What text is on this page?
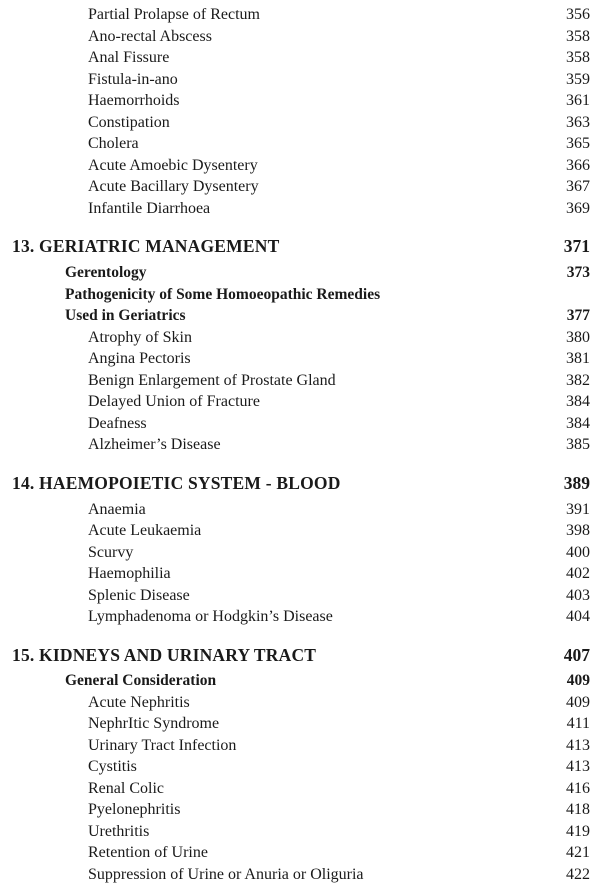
Partial Prolapse of Rectum	356
Ano-rectal Abscess	358
Anal Fissure	358
Fistula-in-ano	359
Haemorrhoids	361
Constipation	363
Cholera	365
Acute Amoebic Dysentery	366
Acute Bacillary Dysentery	367
Infantile Diarrhoea	369
13. GERIATRIC MANAGEMENT	371
Gerentology	373
Pathogenicity of Some Homoeopathic Remedies
Used in Geriatrics	377
Atrophy of Skin	380
Angina Pectoris	381
Benign Enlargement of Prostate Gland	382
Delayed Union of Fracture	384
Deafness	384
Alzheimer’s Disease	385
14. HAEMOPOIETIC SYSTEM - BLOOD	389
Anaemia	391
Acute Leukaemia	398
Scurvy	400
Haemophilia	402
Splenic Disease	403
Lymphadenoma or Hodgkin’s Disease	404
15. KIDNEYS AND URINARY TRACT	407
General Consideration	409
Acute Nephritis	409
NephrItic Syndrome	411
Urinary Tract Infection	413
Cystitis	413
Renal Colic	416
Pyelonephritis	418
Urethritis	419
Retention of Urine	421
Suppression of Urine or Anuria or Oliguria	422
